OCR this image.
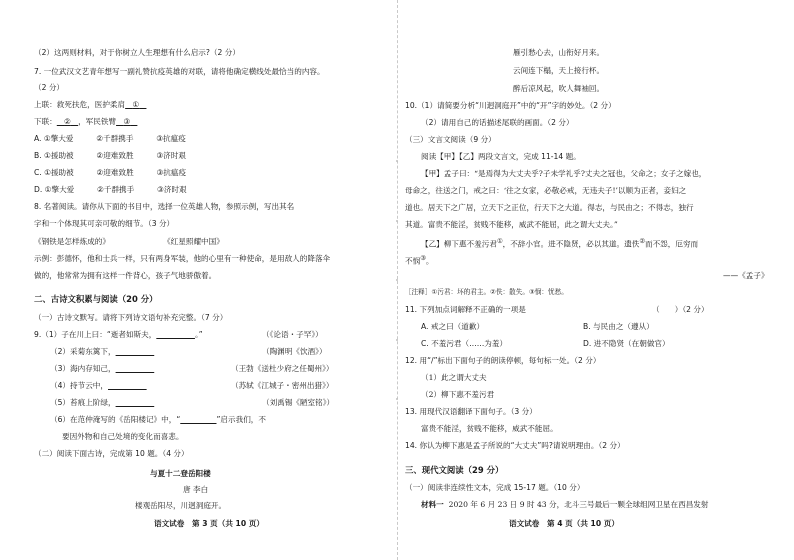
（2）这两则材料，对于你树立人生理想有什么启示?（2 分）
7. 一位武汉文艺青年想写一副礼赞抗疫英雄的对联，请将他确定横线处最恰当的内容。
（2 分）
上联：救死扶危，医护柔肩 ①
下联： ② ，军民铁臂 ③
A. ①擎大爱　　　②千群携手　　　③抗瘟疫
B. ①援助被　　　②迎难致胜　　　③济时艰
C. ①援助被　　　②迎难致胜　　　③抗瘟疫
D. ①擎大爱　　　②千群携手　　　③济时艰
8. 名著阅读。请你从下面的书目中，选择一位英雄人物，参照示例，写出其名
字和一个体现其可亲可敬的细节。（3 分）
《钢铁是怎样炼成的》　　　　　　　　《红星照耀中国》
示例：彭德怀，他和士兵一样，只有两身军装，他的心里有一种使命，是用敌人的降落伞
做的，他常常为拥有这样一件背心，孩子气地骄傲着。
二、古诗文积累与阅读（20 分）
（一）古诗文默写。请将下列诗文语句补充完整。（7 分）
9.（1）子在川上曰：“逝者如斯夫，	。”	（《论语・子罕》）
（2）采菊东篱下，	（陶渊明《饮酒》）
（3）海内存知己，	（王勃《送杜少府之任蜀州》）
（4）持节云中，	（苏轼《江城子・密州出猎》）
（5）苔痕上阶绿，	（刘禹锡《陋室铭》）
（6）在范仲淹写的《岳阳楼记》中，“	”启示我们，不
要因外物和自己处境的变化而喜悲。
（二）阅读下面古诗，完成第 10 题。（4 分）
与夏十二登岳阳楼
唐 李白
楼观岳阳尽，川迥洞庭开。
语文试卷　第 3 页（共 10 页）
雁引愁心去，山衔好月来。
云间连下榻，天上接行杯。
醉后凉风起，吹人舞袖回。
10.（1）请简要分析“川迥洞庭开”中的“开”字的妙处。（2 分）
（2）请用自己的话描述尾联的画面。（2 分）
（三）文言文阅读（9 分）
阅读【甲】【乙】两段文言文，完成 11-14 题。
【甲】孟子曰：“是焉得为大丈夫乎?子未学礼乎?丈夫之冠也，父命之；女子之嫁也，
母命之，往送之门，戒之曰：‘往之女家，必敬必戒，无违夫子!’以顺为正者，妾妇之
道也。居天下之广居，立天下之正位，行天下之大道。得志，与民由之；不得志，独行
其道。富贵不能淫，贫贱不能移，威武不能屈，此之谓大丈夫。”
【乙】柳下惠不羞污君①，不辞小官。进不隐贤，必以其道。遗佚②而不怨，厄穷而
不悯③。
——《孟子》
［注释］①污君：坏的君主。②佚：散失。③悯：忧愁。
11. 下列加点词解释不正确的一项是	（　　）（2 分）
A. 戒之曰（道歉）	B. 与民由之（遵从）
C. 不羞污君（……为羞）	D. 进不隐贤（在朝做官）
12. 用“/”标出下面句子的朗读停顿，每句标一处。（2 分）
（1）此之谓大丈夫
（2）柳下惠不羞污君
13. 用现代汉语翻译下面句子。（3 分）
富贵不能淫，贫贱不能移，威武不能屈。
14. 你认为柳下惠是孟子所说的“大丈夫”吗?请说明理由。（2 分）
三、现代文阅读（29 分）
（一）阅读非连续性文本，完成 15-17 题。（10 分）
材料一 2020 年 6 月 23 日 9 时 43 分，北斗三号最后一颗全球组网卫星在西昌发射
语文试卷　第 4 页（共 10 页）
